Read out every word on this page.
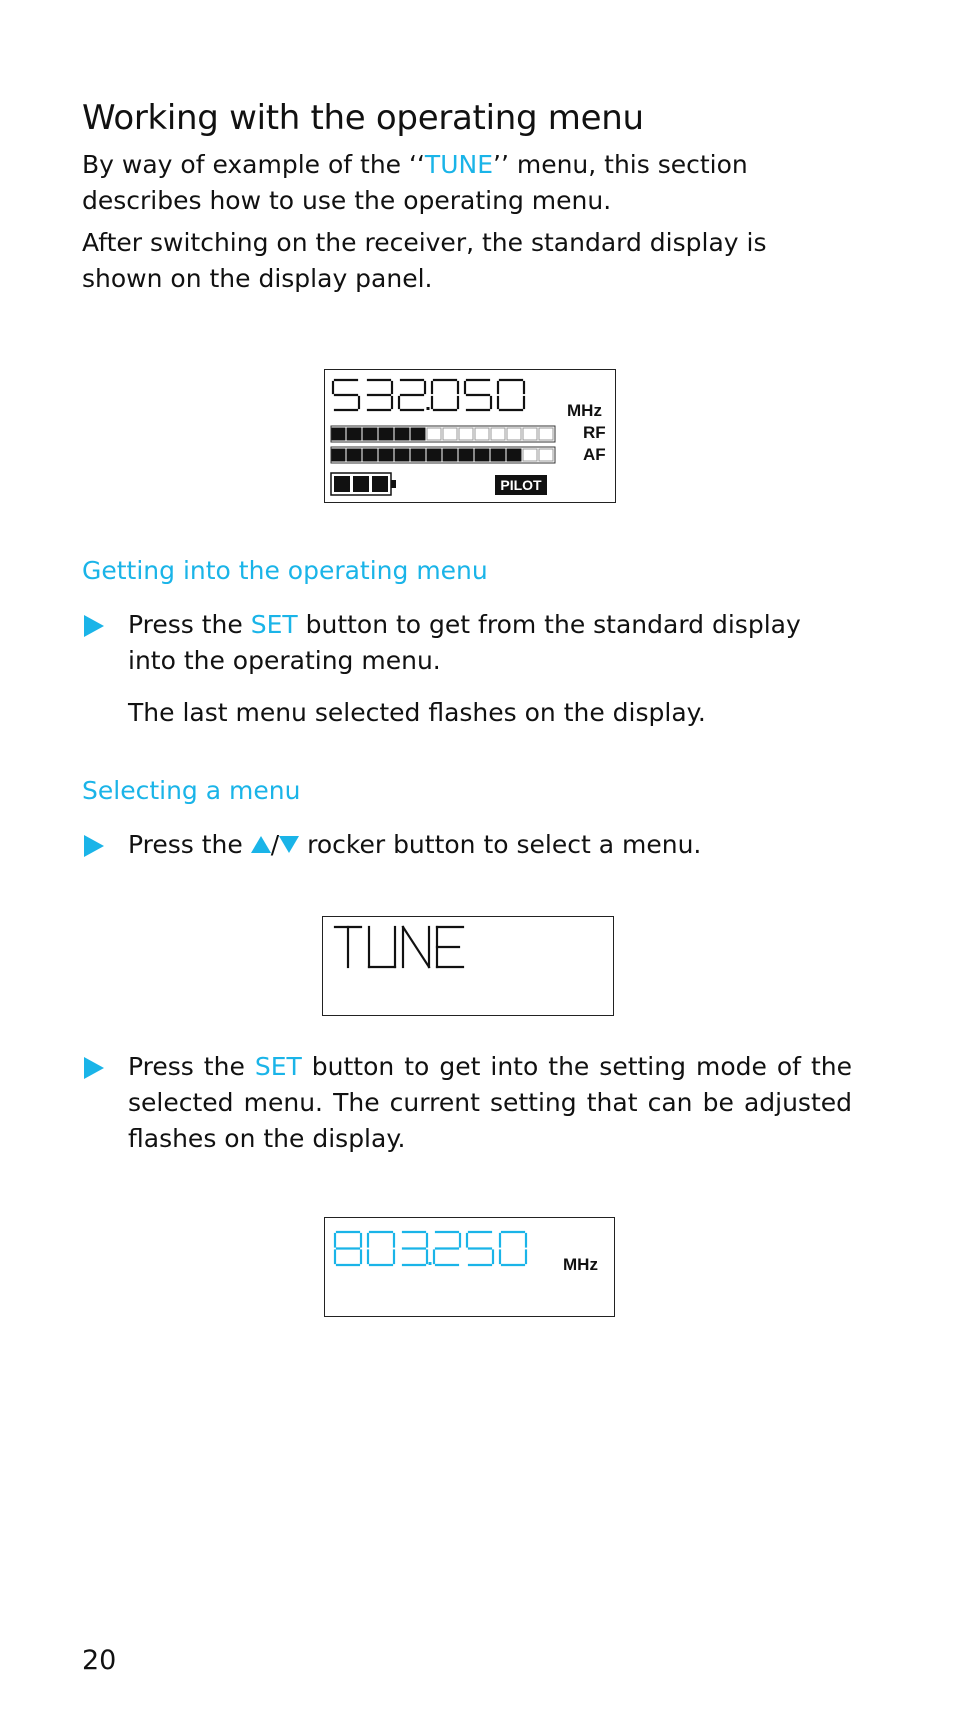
Working with the operating menu

By way of example of the ‘‘TUNE’’ menu, this section describes how to use the operating menu.

After switching on the receiver, the standard display is shown on the display panel.

MHz
RF
AF
PILOT
Getting into the operating menu

Press the SET button to get from the standard display into the operating menu.

The last menu selected flashes on the display.

Selecting a menu

Press the / rocker button to select a menu.

Press the SET button to get into the setting mode of the selected menu. The current setting that can be adjusted flashes on the display.

MHz

20
